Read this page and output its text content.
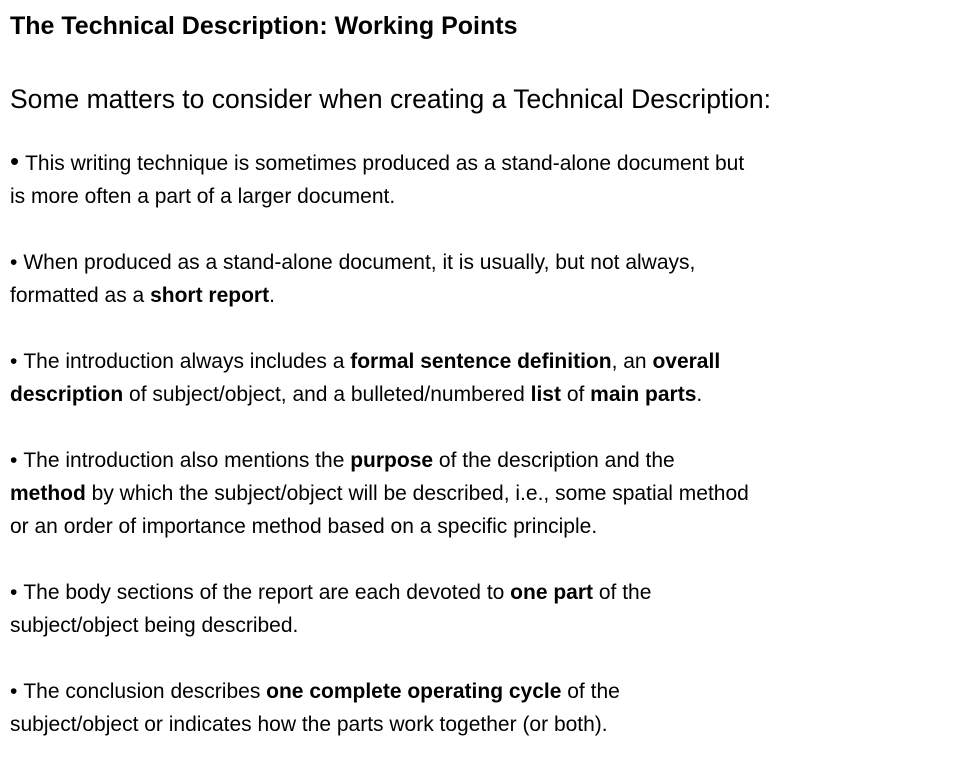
The Technical Description: Working Points
Some matters to consider when creating a Technical Description:
• This writing technique is sometimes produced as a stand-alone document but
is more often a part of a larger document.
• When produced as a stand-alone document, it is usually, but not always,
formatted as a short report.
• The introduction always includes a formal sentence definition, an overall
description of subject/object, and a bulleted/numbered list of main parts.
• The introduction also mentions the purpose of the description and the
method by which the subject/object will be described, i.e., some spatial method
or an order of importance method based on a specific principle.
• The body sections of the report are each devoted to one part of the
subject/object being described.
• The conclusion describes one complete operating cycle of the
subject/object or indicates how the parts work together (or both).
